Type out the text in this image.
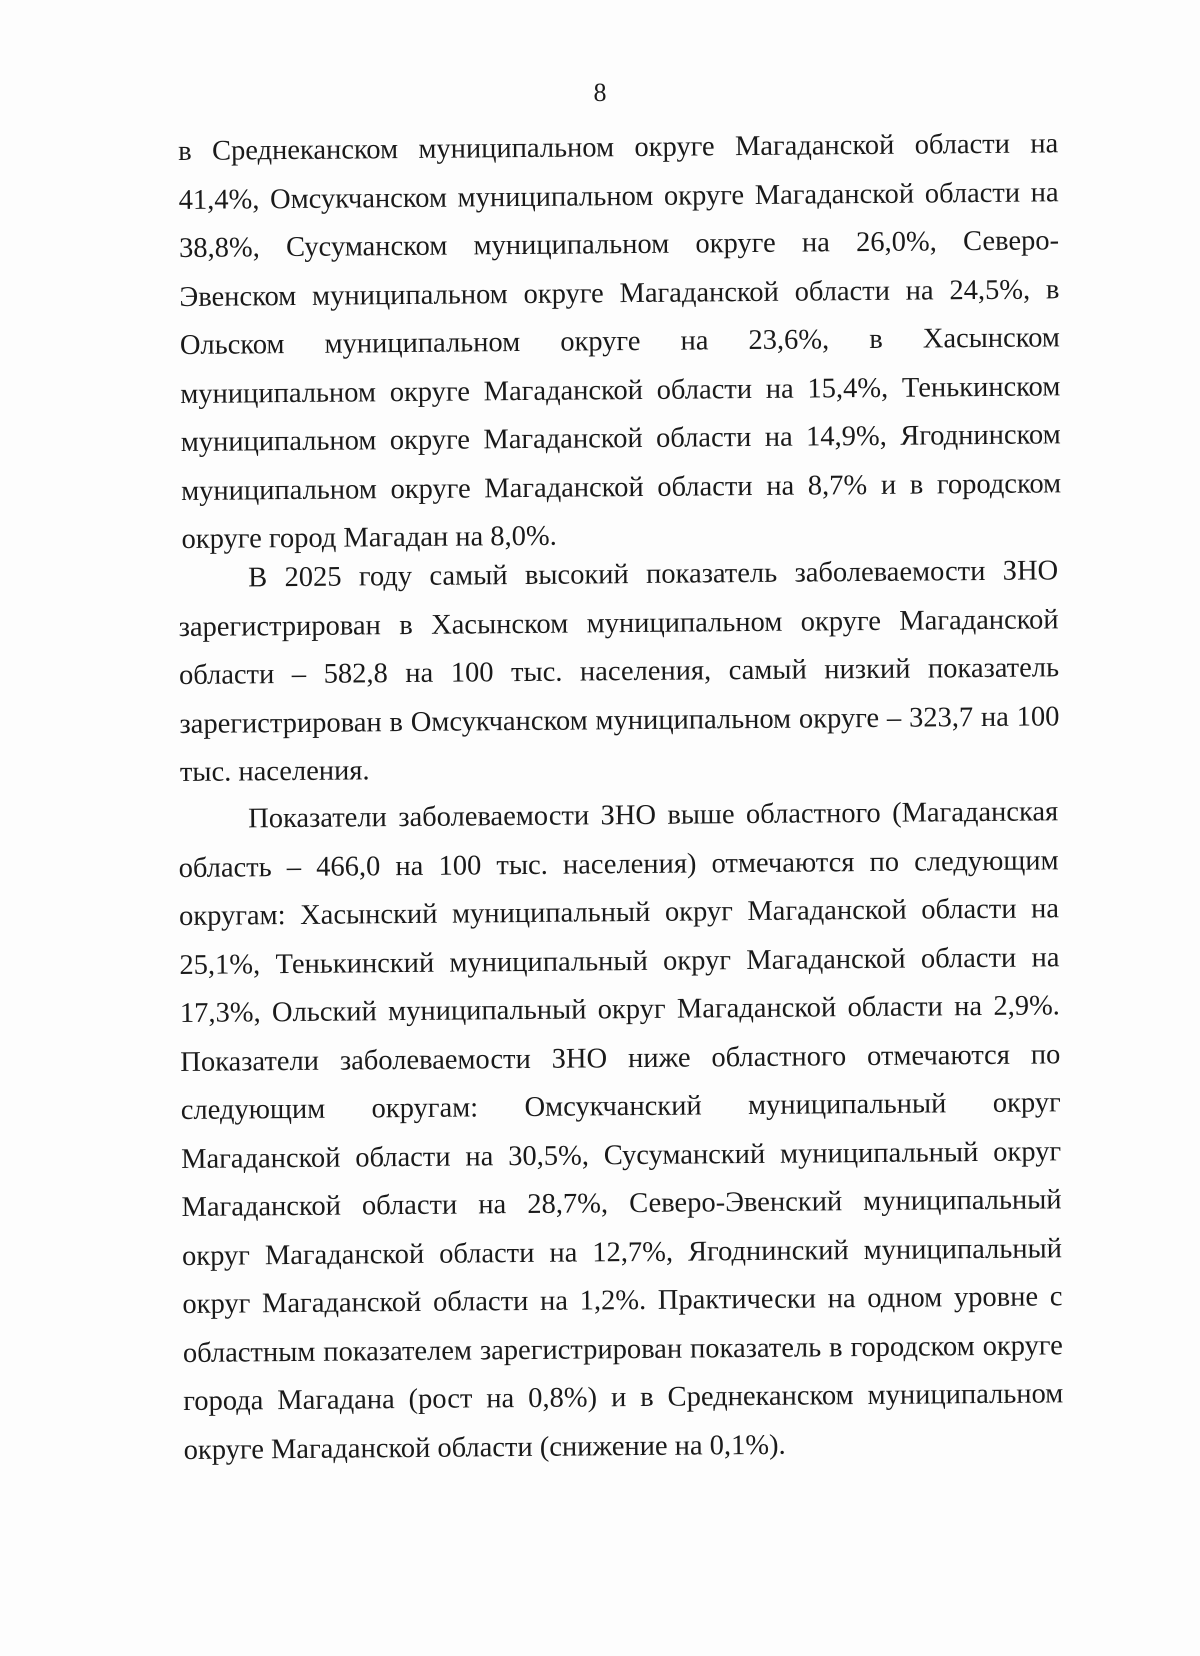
8

в Среднеканском муниципальном округе Магаданской области на 41,4%, Омсукчанском муниципальном округе Магаданской области на 38,8%, Сусуманском муниципальном округе на 26,0%, Северо-Эвенском муниципальном округе Магаданской области на 24,5%, в Ольском муниципальном округе на 23,6%, в Хасынском муниципальном округе Магаданской области на 15,4%, Тенькинском муниципальном округе Магаданской области на 14,9%, Ягоднинском муниципальном округе Магаданской области на 8,7% и в городском округе город Магадан на 8,0%.

В 2025 году самый высокий показатель заболеваемости ЗНО зарегистрирован в Хасынском муниципальном округе Магаданской области – 582,8 на 100 тыс. населения, самый низкий показатель зарегистрирован в Омсукчанском муниципальном округе – 323,7 на 100 тыс. населения.

Показатели заболеваемости ЗНО выше областного (Магаданская область – 466,0 на 100 тыс. населения) отмечаются по следующим округам: Хасынский муниципальный округ Магаданской области на 25,1%, Тенькинский муниципальный округ Магаданской области на 17,3%, Ольский муниципальный округ Магаданской области на 2,9%. Показатели заболеваемости ЗНО ниже областного отмечаются по следующим округам: Омсукчанский муниципальный округ Магаданской области на 30,5%, Сусуманский муниципальный округ Магаданской области на 28,7%, Северо-Эвенский муниципальный округ Магаданской области на 12,7%, Ягоднинский муниципальный округ Магаданской области на 1,2%. Практически на одном уровне с областным показателем зарегистрирован показатель в городском округе города Магадана (рост на 0,8%) и в Среднеканском муниципальном округе Магаданской области (снижение на 0,1%).
